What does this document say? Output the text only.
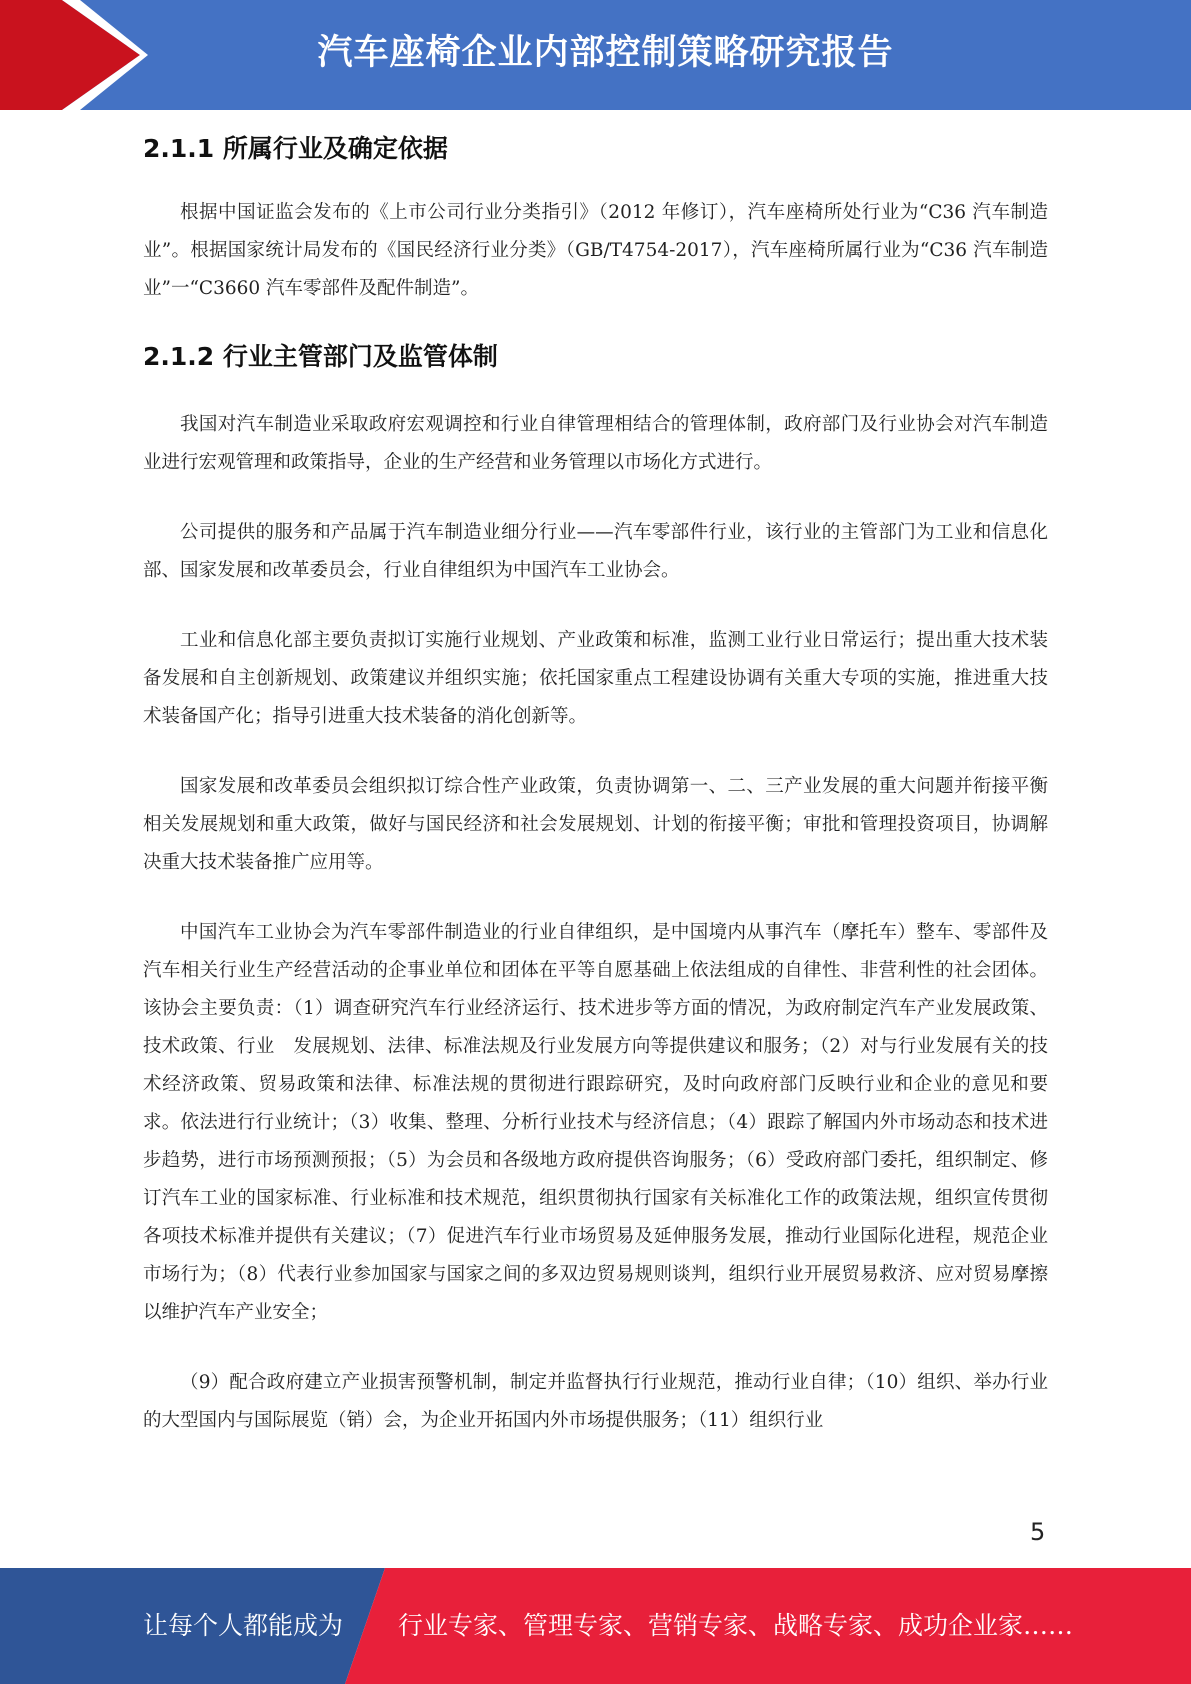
汽车座椅企业内部控制策略研究报告
2.1.1 所属行业及确定依据

根据中国证监会发布的《上市公司行业分类指引》（2012 年修订），汽车座椅所处行业为“C36 汽车制造业”。根据国家统计局发布的《国民经济行业分类》（GB/T4754-2017），汽车座椅所属行业为“C36 汽车制造业”一“C3660 汽车零部件及配件制造”。

2.1.2 行业主管部门及监管体制

我国对汽车制造业采取政府宏观调控和行业自律管理相结合的管理体制，政府部门及行业协会对汽车制造业进行宏观管理和政策指导，企业的生产经营和业务管理以市场化方式进行。

公司提供的服务和产品属于汽车制造业细分行业——汽车零部件行业，该行业的主管部门为工业和信息化部、国家发展和改革委员会，行业自律组织为中国汽车工业协会。

工业和信息化部主要负责拟订实施行业规划、产业政策和标准，监测工业行业日常运行；提出重大技术装备发展和自主创新规划、政策建议并组织实施；依托国家重点工程建设协调有关重大专项的实施，推进重大技术装备国产化；指导引进重大技术装备的消化创新等。

国家发展和改革委员会组织拟订综合性产业政策，负责协调第一、二、三产业发展的重大问题并衔接平衡相关发展规划和重大政策，做好与国民经济和社会发展规划、计划的衔接平衡；审批和管理投资项目，协调解决重大技术装备推广应用等。

中国汽车工业协会为汽车零部件制造业的行业自律组织，是中国境内从事汽车（摩托车）整车、零部件及汽车相关行业生产经营活动的企事业单位和团体在平等自愿基础上依法组成的自律性、非营利性的社会团体。该协会主要负责：（1）调查研究汽车行业经济运行、技术进步等方面的情况，为政府制定汽车产业发展政策、技术政策、行业　发展规划、法律、标准法规及行业发展方向等提供建议和服务；（2）对与行业发展有关的技术经济政策、贸易政策和法律、标准法规的贯彻进行跟踪研究，及时向政府部门反映行业和企业的意见和要求。依法进行行业统计；（3）收集、整理、分析行业技术与经济信息；（4）跟踪了解国内外市场动态和技术进步趋势，进行市场预测预报；（5）为会员和各级地方政府提供咨询服务；（6）受政府部门委托，组织制定、修订汽车工业的国家标准、行业标准和技术规范，组织贯彻执行国家有关标准化工作的政策法规，组织宣传贯彻各项技术标准并提供有关建议；（7）促进汽车行业市场贸易及延伸服务发展，推动行业国际化进程，规范企业市场行为；（8）代表行业参加国家与国家之间的多双边贸易规则谈判，组织行业开展贸易救济、应对贸易摩擦以维护汽车产业安全；

（9）配合政府建立产业损害预警机制，制定并监督执行行业规范，推动行业自律；（10）组织、举办行业的大型国内与国际展览（销）会，为企业开拓国内外市场提供服务；（11）组织行业

5
让每个人都能成为 行业专家、管理专家、营销专家、战略专家、成功企业家……
